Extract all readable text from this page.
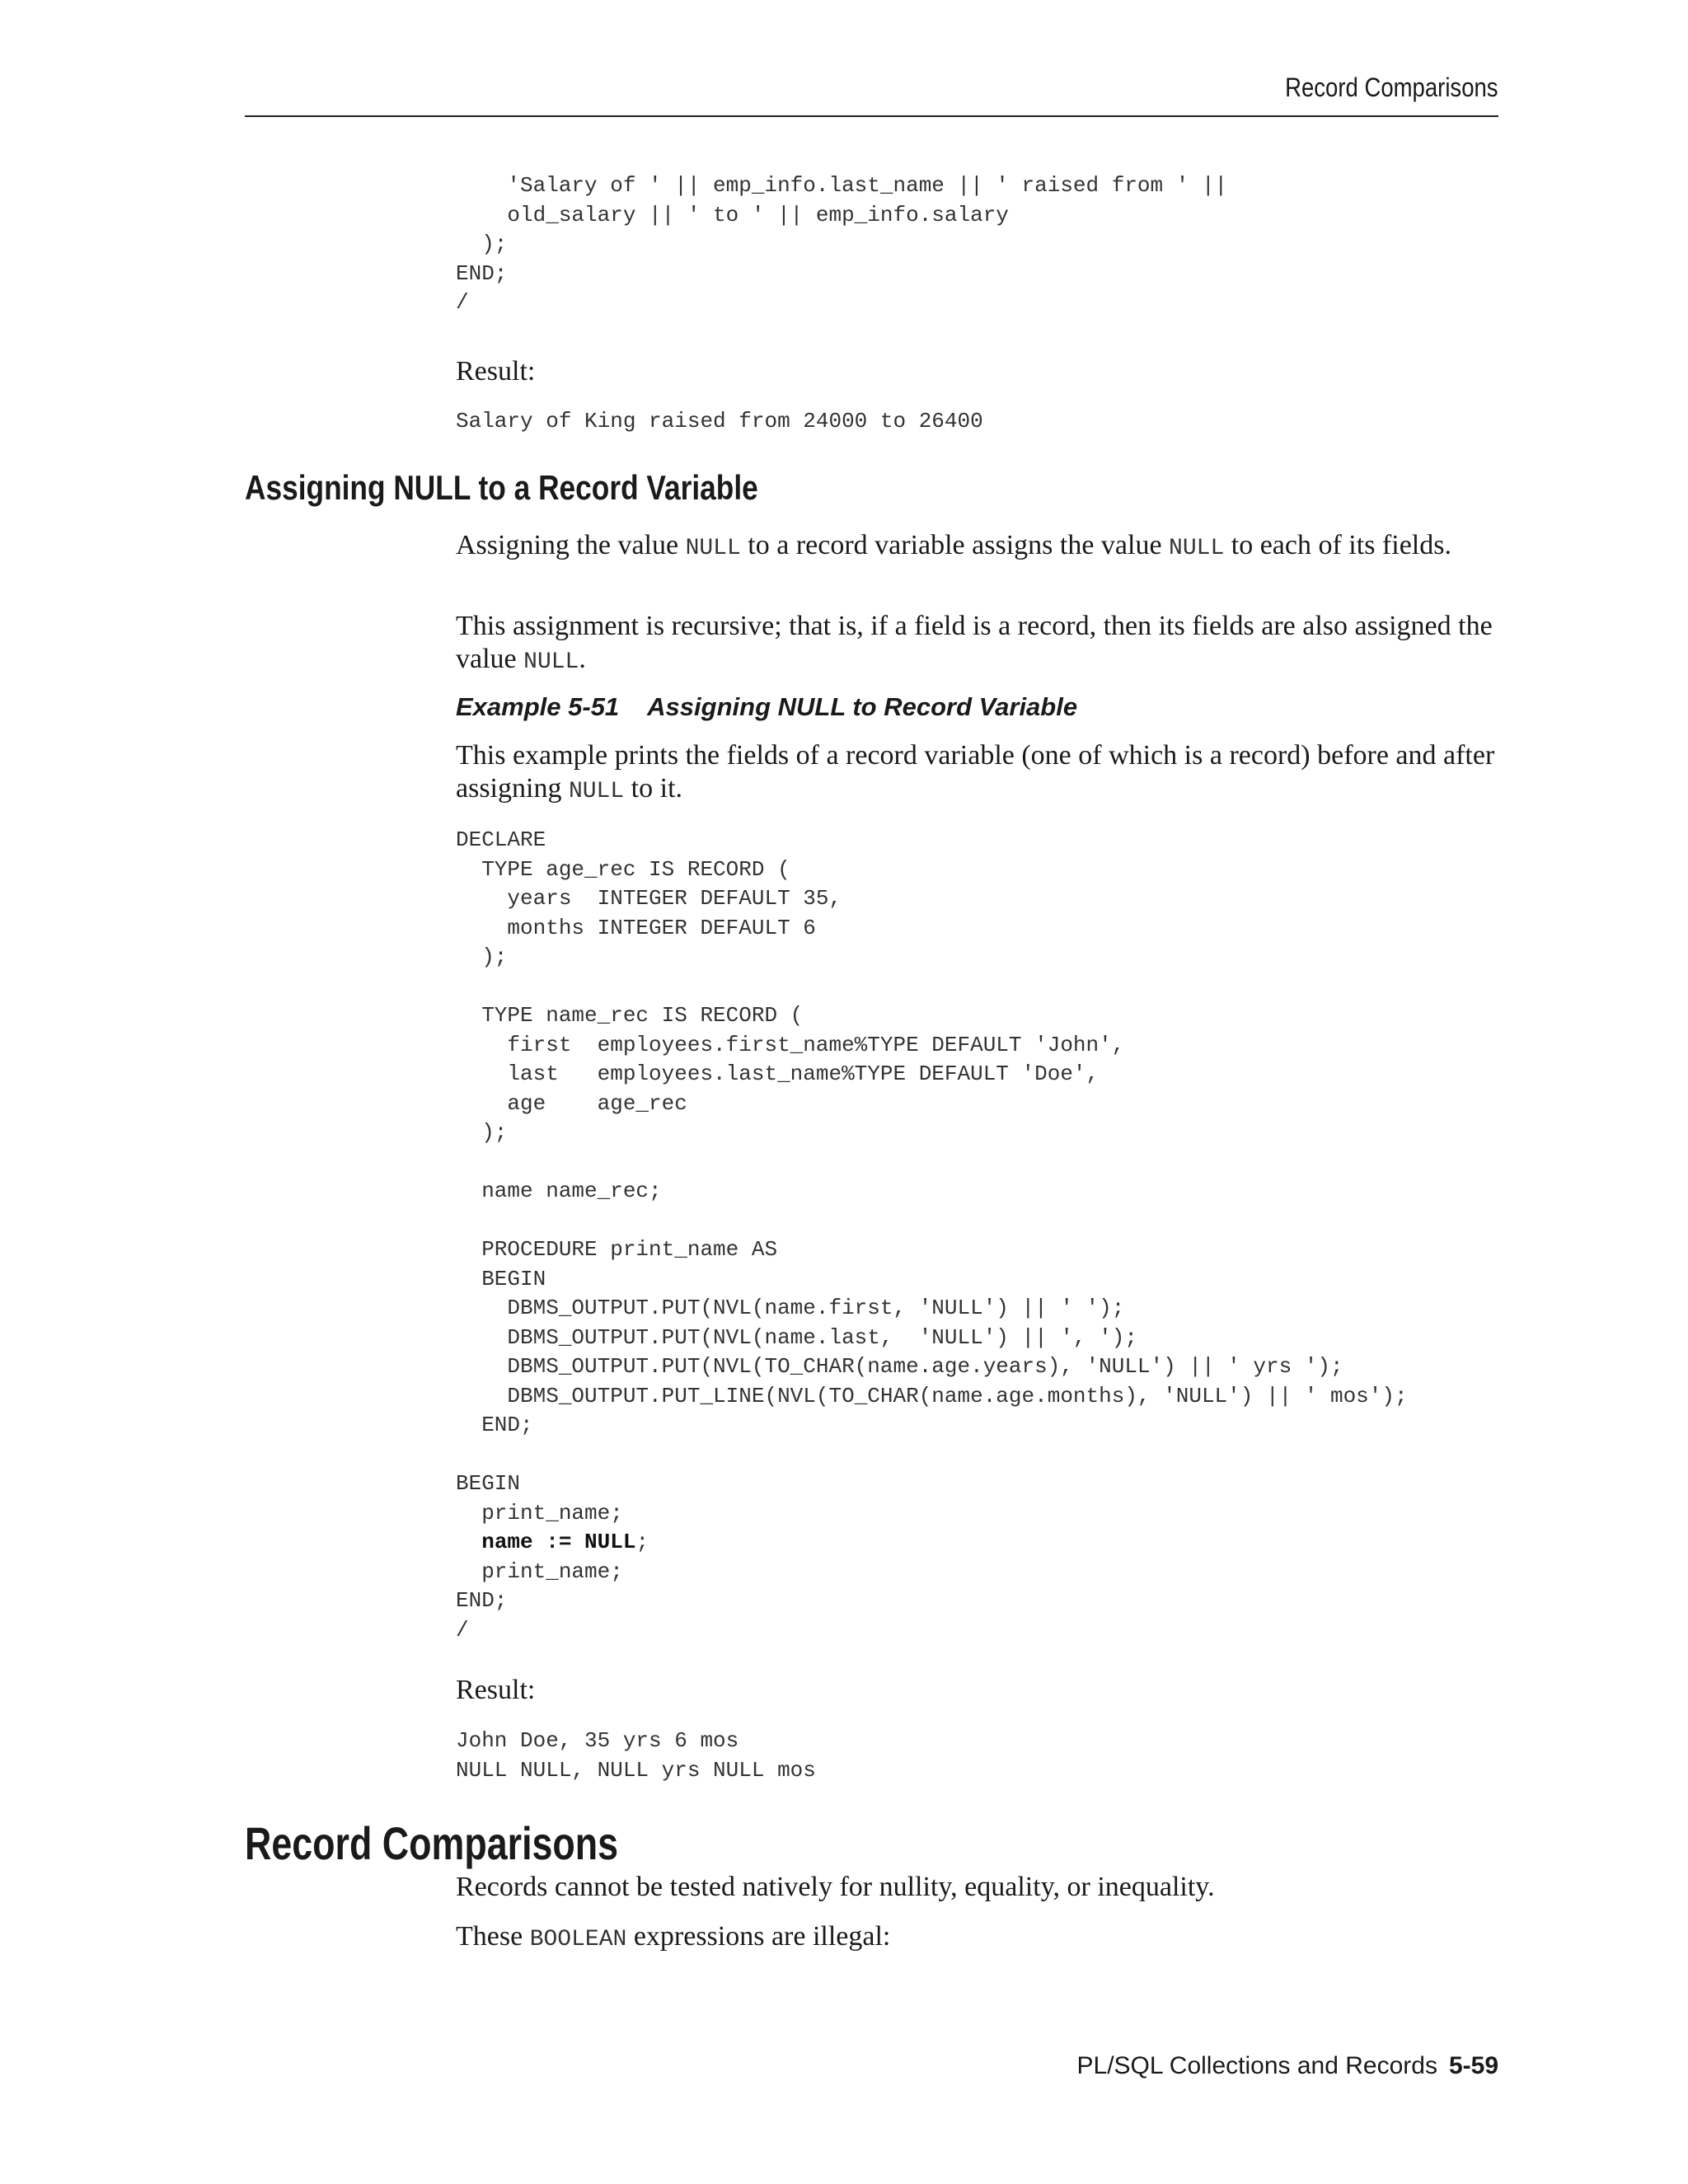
Record Comparisons
'Salary of ' || emp_info.last_name || ' raised from ' ||
old_salary || ' to ' || emp_info.salary
);
END;
/

Result:

Salary of King raised from 24000 to 26400
Assigning NULL to a Record Variable

Assigning the value NULL to a record variable assigns the value NULL to each of its fields.

This assignment is recursive; that is, if a field is a record, then its fields are also assigned the value NULL.

Example 5-51 Assigning NULL to Record Variable

This example prints the fields of a record variable (one of which is a record) before and after assigning NULL to it.

DECLARE
TYPE age_rec IS RECORD (
years  INTEGER DEFAULT 35,
months INTEGER DEFAULT 6
);

TYPE name_rec IS RECORD (
first  employees.first_name%TYPE DEFAULT 'John',
last   employees.last_name%TYPE DEFAULT 'Doe',
age    age_rec
);

name name_rec;

PROCEDURE print_name AS
BEGIN
DBMS_OUTPUT.PUT(NVL(name.first, 'NULL') || ' ');
DBMS_OUTPUT.PUT(NVL(name.last,  'NULL') || ', ');
DBMS_OUTPUT.PUT(NVL(TO_CHAR(name.age.years), 'NULL') || ' yrs ');
DBMS_OUTPUT.PUT_LINE(NVL(TO_CHAR(name.age.months), 'NULL') || ' mos');
END;

BEGIN
print_name;
name := NULL;
print_name;
END;
/

Result:

John Doe, 35 yrs 6 mos
NULL NULL, NULL yrs NULL mos
Record Comparisons

Records cannot be tested natively for nullity, equality, or inequality.

These BOOLEAN expressions are illegal:

PL/SQL Collections and Records 5-59
